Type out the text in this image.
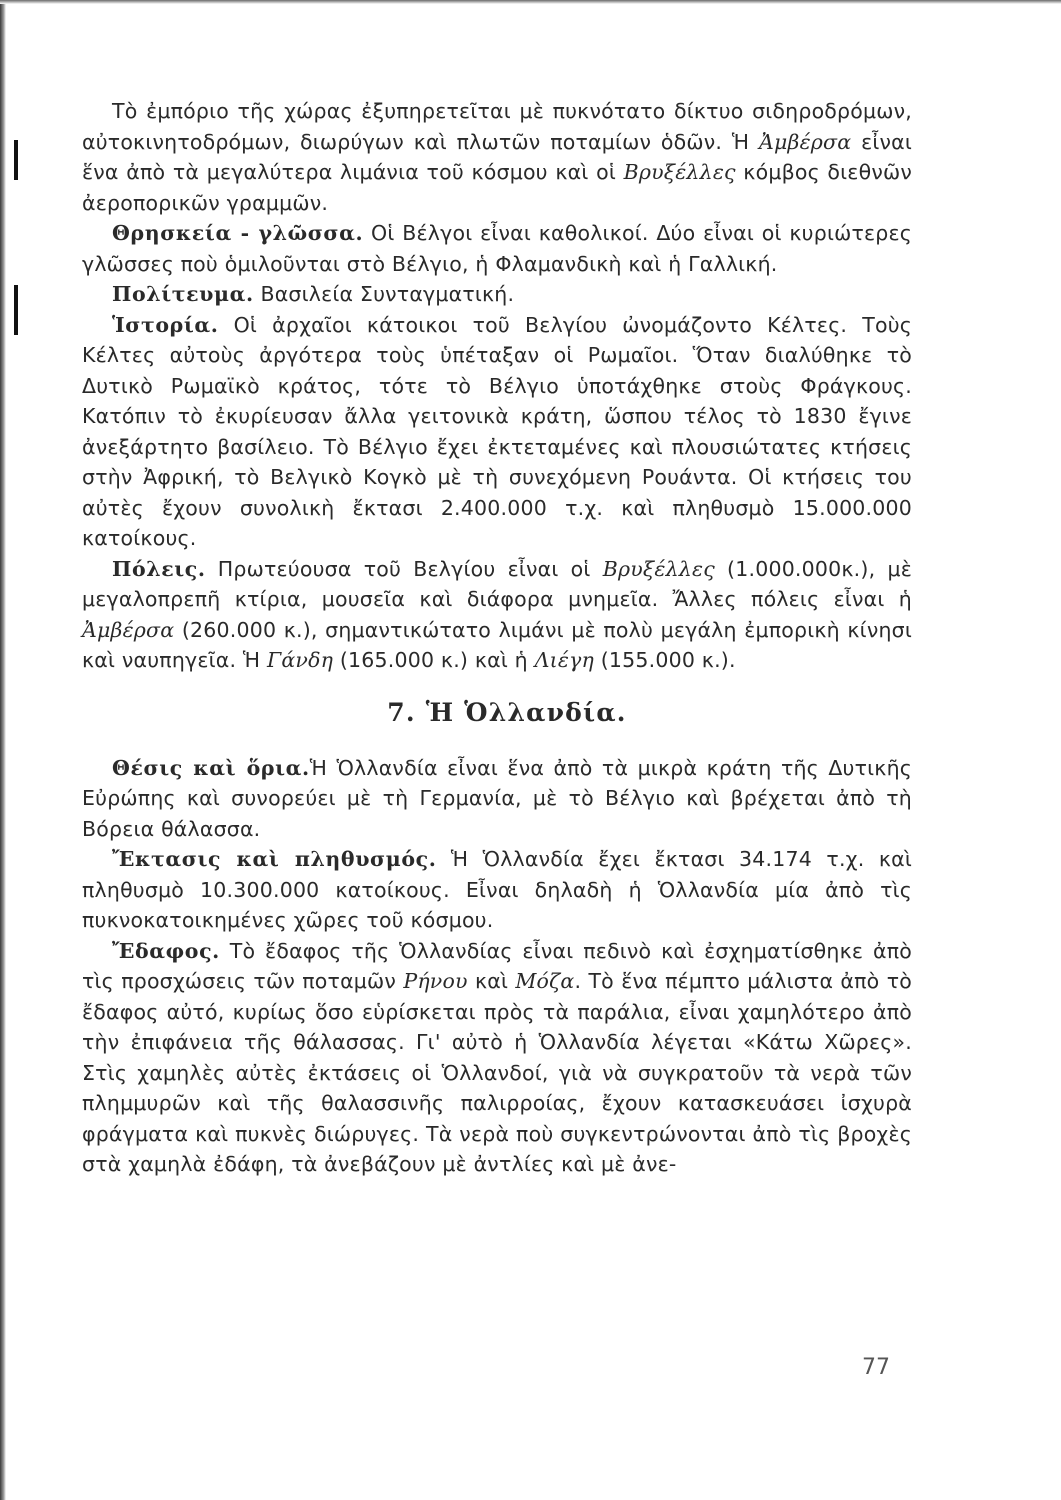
Τὸ ἐμπόριο τῆς χώρας ἐξυπηρετεῖται μὲ πυκνότατο δίκτυο σιδηροδρόμων, αὐτοκινητοδρόμων, διωρύγων καὶ πλωτῶν ποταμίων ὁδῶν. Ἡ Ἀμβέρσα εἶναι ἕνα ἀπὸ τὰ μεγαλύτερα λιμάνια τοῦ κόσμου καὶ οἱ Βρυξέλλες κόμβος διεθνῶν ἀεροπορικῶν γραμμῶν.

Θρησκεία - γλῶσσα. Οἱ Βέλγοι εἶναι καθολικοί. Δύο εἶναι οἱ κυριώτερες γλῶσσες ποὺ ὁμιλοῦνται στὸ Βέλγιο, ἡ Φλαμανδικὴ καὶ ἡ Γαλλική.

Πολίτευμα. Βασιλεία Συνταγματική.

Ἱστορία. Οἱ ἀρχαῖοι κάτοικοι τοῦ Βελγίου ὠνομάζοντο Κέλτες. Τοὺς Κέλτες αὐτοὺς ἀργότερα τοὺς ὑπέταξαν οἱ Ρωμαῖοι. Ὅταν διαλύθηκε τὸ Δυτικὸ Ρωμαϊκὸ κράτος, τότε τὸ Βέλγιο ὑποτάχθηκε στοὺς Φράγκους. Κατόπιν τὸ ἐκυρίευσαν ἄλλα γειτονικὰ κράτη, ὥσπου τέλος τὸ 1830 ἔγινε ἀνεξάρτητο βασίλειο. Τὸ Βέλγιο ἔχει ἐκτεταμένες καὶ πλουσιώτατες κτήσεις στὴν Ἀφρική, τὸ Βελγικὸ Κογκὸ μὲ τὴ συνεχόμενη Ρουάντα. Οἱ κτήσεις του αὐτὲς ἔχουν συνολικὴ ἔκτασι 2.400.000 τ.χ. καὶ πληθυσμὸ 15.000.000 κατοίκους.

Πόλεις. Πρωτεύουσα τοῦ Βελγίου εἶναι οἱ Βρυξέλλες (1.000.000κ.), μὲ μεγαλοπρεπῆ κτίρια, μουσεῖα καὶ διάφορα μνημεῖα. Ἄλλες πόλεις εἶναι ἡ Ἀμβέρσα (260.000 κ.), σημαντικώτατο λιμάνι μὲ πολὺ μεγάλη ἐμπορικὴ κίνησι καὶ ναυπηγεῖα. Ἡ Γάνδη (165.000 κ.) καὶ ἡ Λιέγη (155.000 κ.).

7. Ἡ Ὁλλανδία.

Θέσις καὶ ὅρια.Ἡ Ὁλλανδία εἶναι ἕνα ἀπὸ τὰ μικρὰ κράτη τῆς Δυτικῆς Εὐρώπης καὶ συνορεύει μὲ τὴ Γερμανία, μὲ τὸ Βέλγιο καὶ βρέχεται ἀπὸ τὴ Βόρεια θάλασσα.

Ἔκτασις καὶ πληθυσμός. Ἡ Ὁλλανδία ἔχει ἔκτασι 34.174 τ.χ. καὶ πληθυσμὸ 10.300.000 κατοίκους. Εἶναι δηλαδὴ ἡ Ὁλλανδία μία ἀπὸ τὶς πυκνοκατοικημένες χῶρες τοῦ κόσμου.

Ἔδαφος. Τὸ ἔδαφος τῆς Ὁλλανδίας εἶναι πεδινὸ καὶ ἐσχηματίσθηκε ἀπὸ τὶς προσχώσεις τῶν ποταμῶν Ρήνου καὶ Μόζα. Τὸ ἕνα πέμπτο μάλιστα ἀπὸ τὸ ἔδαφος αὐτό, κυρίως ὅσο εὑρίσκεται πρὸς τὰ παράλια, εἶναι χαμηλότερο ἀπὸ τὴν ἐπιφάνεια τῆς θάλασσας. Γι' αὐτὸ ἡ Ὁλλανδία λέγεται «Κάτω Χῶρες». Στὶς χαμηλὲς αὐτὲς ἐκτάσεις οἱ Ὁλλανδοί, γιὰ νὰ συγκρατοῦν τὰ νερὰ τῶν πλημμυρῶν καὶ τῆς θαλασσινῆς παλιρροίας, ἔχουν κατασκευάσει ἰσχυρὰ φράγματα καὶ πυκνὲς διώρυγες. Τὰ νερὰ ποὺ συγκεντρώνονται ἀπὸ τὶς βροχὲς στὰ χαμηλὰ ἐδάφη, τὰ ἀνεβάζουν μὲ ἀντλίες καὶ μὲ ἀνε-

77
